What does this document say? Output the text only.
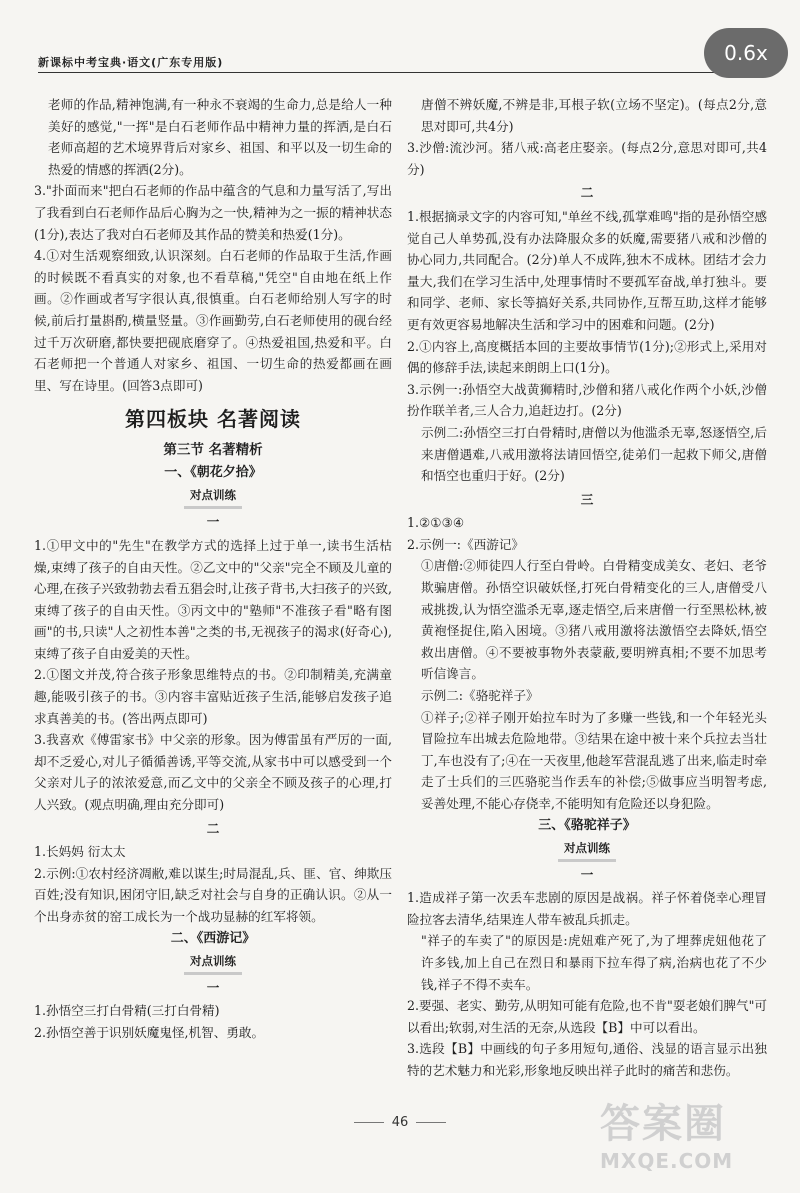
新课标中考宝典·语文(广东专用版)	0.6x

老师的作品,精神饱满,有一种永不衰竭的生命力,总是给人一种美好的感觉,"一挥"是白石老师作品中精神力量的挥洒,是白石老师高超的艺术境界背后对家乡、祖国、和平以及一切生命的热爱的情感的挥洒(2分)。

3."扑面而来"把白石老师的作品中蕴含的气息和力量写活了,写出了我看到白石老师作品后心胸为之一快,精神为之一振的精神状态(1分),表达了我对白石老师及其作品的赞美和热爱(1分)。

4.①对生活观察细致,认识深刻。白石老师的作品取于生活,作画的时候既不看真实的对象,也不看草稿,"凭空"自由地在纸上作画。②作画或者写字很认真,很慎重。白石老师给别人写字的时候,前后打量斟酌,横量竖量。③作画勤劳,白石老师使用的砚台经过千万次研磨,都快要把砚底磨穿了。④热爱祖国,热爱和平。白石老师把一个普通人对家乡、祖国、一切生命的热爱都画在画里、写在诗里。(回答3点即可)

第四板块 名著阅读
第三节 名著精析
一、《朝花夕拾》
对点训练
一

1.①甲文中的"先生"在教学方式的选择上过于单一,读书生活枯燥,束缚了孩子的自由天性。②乙文中的"父亲"完全不顾及儿童的心理,在孩子兴致勃勃去看五猖会时,让孩子背书,大扫孩子的兴致,束缚了孩子的自由天性。③丙文中的"塾师"不准孩子看"略有图画"的书,只读"人之初性本善"之类的书,无视孩子的渴求(好奇心),束缚了孩子自由爱美的天性。

2.①图文并茂,符合孩子形象思维特点的书。②印制精美,充满童趣,能吸引孩子的书。③内容丰富贴近孩子生活,能够启发孩子追求真善美的书。(答出两点即可)

3.我喜欢《傅雷家书》中父亲的形象。因为傅雷虽有严厉的一面,却不乏爱心,对儿子循循善诱,平等交流,从家书中可以感受到一个父亲对儿子的浓浓爱意,而乙文中的父亲全不顾及孩子的心理,打人兴致。(观点明确,理由充分即可)

二

1.长妈妈 衍太太

2.示例:①农村经济凋敝,难以谋生;时局混乱,兵、匪、官、绅欺压百姓;没有知识,困闭守旧,缺乏对社会与自身的正确认识。②从一个出身赤贫的窑工成长为一个战功显赫的红军将领。

二、《西游记》
对点训练
一

1.孙悟空三打白骨精(三打白骨精)

2.孙悟空善于识别妖魔鬼怪,机智、勇敢。

唐僧不辨妖魔,不辨是非,耳根子软(立场不坚定)。(每点2分,意思对即可,共4分)

3.沙僧:流沙河。猪八戒:高老庄娶亲。(每点2分,意思对即可,共4分)

二

1.根据摘录文字的内容可知,"单丝不线,孤掌难鸣"指的是孙悟空感觉自己人单势孤,没有办法降服众多的妖魔,需要猪八戒和沙僧的协心同力,共同配合。(2分)单人不成阵,独木不成林。团结才会力量大,我们在学习生活中,处理事情时不要孤军奋战,单打独斗。要和同学、老师、家长等搞好关系,共同协作,互帮互助,这样才能够更有效更容易地解决生活和学习中的困难和问题。(2分)

2.①内容上,高度概括本回的主要故事情节(1分);②形式上,采用对偶的修辞手法,读起来朗朗上口(1分)。

3.示例一:孙悟空大战黄狮精时,沙僧和猪八戒化作两个小妖,沙僧扮作联羊者,三人合力,追赶边打。(2分)

示例二:孙悟空三打白骨精时,唐僧以为他滥杀无辜,怒逐悟空,后来唐僧遇难,八戒用激将法请回悟空,徒弟们一起救下师父,唐僧和悟空也重归于好。(2分)

三

1.②①③④

2.示例一:《西游记》

①唐僧:②师徒四人行至白骨岭。白骨精变成美女、老妇、老爷欺骗唐僧。孙悟空识破妖怪,打死白骨精变化的三人,唐僧受八戒挑拨,认为悟空滥杀无辜,逐走悟空,后来唐僧一行至黑松林,被黄袍怪捉住,陷入困境。③猪八戒用激将法激悟空去降妖,悟空救出唐僧。④不要被事物外表蒙蔽,要明辨真相;不要不加思考听信谗言。

示例二:《骆驼祥子》

①祥子;②祥子刚开始拉车时为了多赚一些钱,和一个年轻光头冒险拉车出城去危险地带。③结果在途中被十来个兵拉去当壮丁,车也没有了;④在一天夜里,他趁军营混乱逃了出来,临走时牵走了士兵们的三匹骆驼当作丢车的补偿;⑤做事应当明智考虑,妥善处理,不能心存侥幸,不能明知有危险还以身犯险。

三、《骆驼祥子》
对点训练
一

1.造成祥子第一次丢车悲剧的原因是战祸。祥子怀着侥幸心理冒险拉客去清华,结果连人带车被乱兵抓走。

"祥子的车卖了"的原因是:虎妞难产死了,为了埋葬虎妞他花了许多钱,加上自己在烈日和暴雨下拉车得了病,治病也花了不少钱,祥子不得不卖车。

2.要强、老实、勤劳,从明知可能有危险,也不肯"耍老娘们脾气"可以看出;软弱,对生活的无奈,从选段【B】中可以看出。

3.选段【B】中画线的句子多用短句,通俗、浅显的语言显示出独特的艺术魅力和光彩,形象地反映出祥子此时的痛苦和悲伤。

46	答案圈
MXQE.COM
